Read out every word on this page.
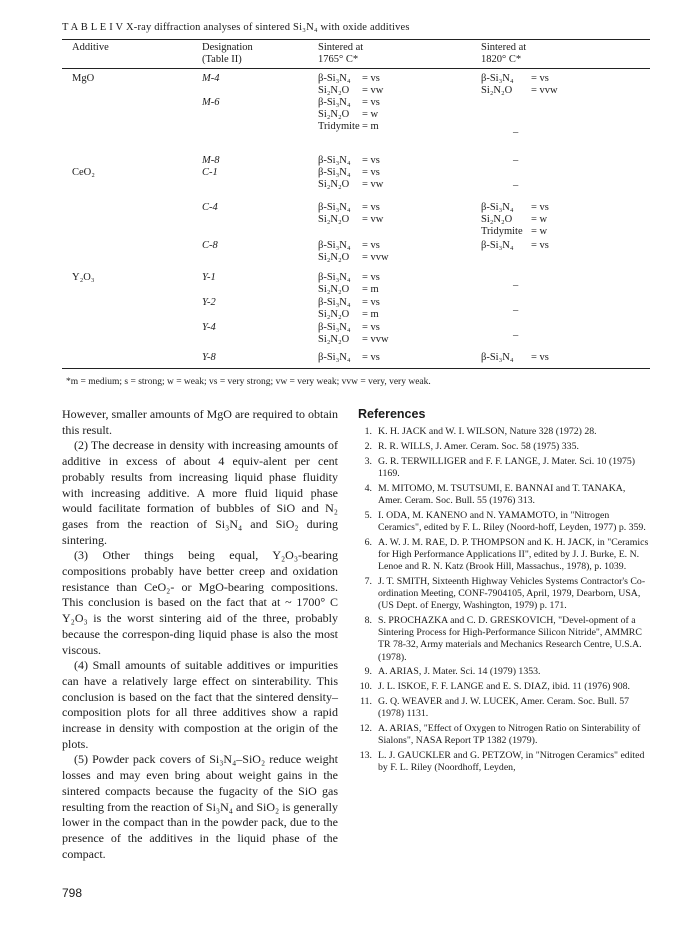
T A B L E I V X-ray diffraction analyses of sintered Si₃N₄ with oxide additives
Additive	Designation
(Table II)
Sintered at
1765° C*
Sintered at
1820° C*
MgO
CeO₂
Y₂O₃
M-4
M-6
M-8
C-1
C-4
C-8
Y-1
Y-2
Y-4
Y-8
β-Si₃N₄ = vs
Si₂N₂O = vw
β-Si₃N₄ = vs
Si₂N₂O = w
Tridymite = m
β-Si₃N₄ = vs
β-Si₃N₄ = vs
Si₂N₂O = vw
β-Si₃N₄ = vs
Si₂N₂O = vw
β-Si₃N₄ = vs
Si₂N₂O = vvw
β-Si₃N₄ = vs
Si₂N₂O = m
β-Si₃N₄ = vs
Si₂N₂O = m
β-Si₃N₄ = vs
Si₂N₂O = vvw
β-Si₃N₄ = vs
β-Si₃N₄ = vs
Si₂N₂O = vvw
–
–
–
β-Si₃N₄ = vs
Si₂N₂O = w
Tridymite = w
β-Si₃N₄ = vs
–
–
–
β-Si₃N₄ = vs
*m = medium; s = strong; w = weak; vs = very strong; vw = very weak; vvw = very, very weak.

However, smaller amounts of MgO are required to obtain this result.

(2) The decrease in density with increasing amounts of additive in excess of about 4 equiv-alent per cent probably results from increasing liquid phase fluidity with increasing additive. A more fluid liquid phase would facilitate formation of bubbles of SiO and N₂ gases from the reaction of Si₃N₄ and SiO₂ during sintering.

(3) Other things being equal, Y₂O₃-bearing compositions probably have better creep and oxidation resistance than CeO₂- or MgO-bearing compositions. This conclusion is based on the fact that at ~ 1700° C Y₂O₃ is the worst sintering aid of the three, probably because the correspon-ding liquid phase is also the most viscous.

(4) Small amounts of suitable additives or impurities can have a relatively large effect on sinterability. This conclusion is based on the fact that the sintered density–composition plots for all three additives show a rapid increase in density with compostion at the origin of the plots.

(5) Powder pack covers of Si₃N₄–SiO₂ reduce weight losses and may even bring about weight gains in the sintered compacts because the fugacity of the SiO gas resulting from the reaction of Si₃N₄ and SiO₂ is generally lower in the compact than in the powder pack, due to the presence of the additives in the liquid phase of the compact.

References
1. K. H. JACK and W. I. WILSON, Nature 328 (1972) 28.
2. R. R. WILLS, J. Amer. Ceram. Soc. 58 (1975) 335.
3. G. R. TERWILLIGER and F. F. LANGE, J. Mater. Sci. 10 (1975) 1169.
4. M. MITOMO, M. TSUTSUMI, E. BANNAI and T. TANAKA, Amer. Ceram. Soc. Bull. 55 (1976) 313.
5. I. ODA, M. KANENO and N. YAMAMOTO, in "Nitrogen Ceramics", edited by F. L. Riley (Noord-hoff, Leyden, 1977) p. 359.
6. A. W. J. M. RAE, D. P. THOMPSON and K. H. JACK, in "Ceramics for High Performance Applications II", edited by J. J. Burke, E. N. Lenoe and R. N. Katz (Brook Hill, Massachus., 1978), p. 1039.
7. J. T. SMITH, Sixteenth Highway Vehicles Systems Contractor's Co-ordination Meeting, CONF-7904105, April, 1979, Dearborn, USA, (US Dept. of Energy, Washington, 1979) p. 171.
8. S. PROCHAZKA and C. D. GRESKOVICH, "Devel-opment of a Sintering Process for High-Performance Silicon Nitride", AMMRC TR 78-32, Army materials and Mechanics Research Centre, U.S.A. (1978).
9. A. ARIAS, J. Mater. Sci. 14 (1979) 1353.
10. J. L. ISKOE, F. F. LANGE and E. S. DIAZ, ibid. 11 (1976) 908.
11. G. Q. WEAVER and J. W. LUCEK, Amer. Ceram. Soc. Bull. 57 (1978) 1131.
12. A. ARIAS, "Effect of Oxygen to Nitrogen Ratio on Sinterability of Sialons", NASA Report TP 1382 (1979).
13. L. J. GAUCKLER and G. PETZOW, in "Nitrogen Ceramics" edited by F. L. Riley (Noordhoff, Leyden,
798
